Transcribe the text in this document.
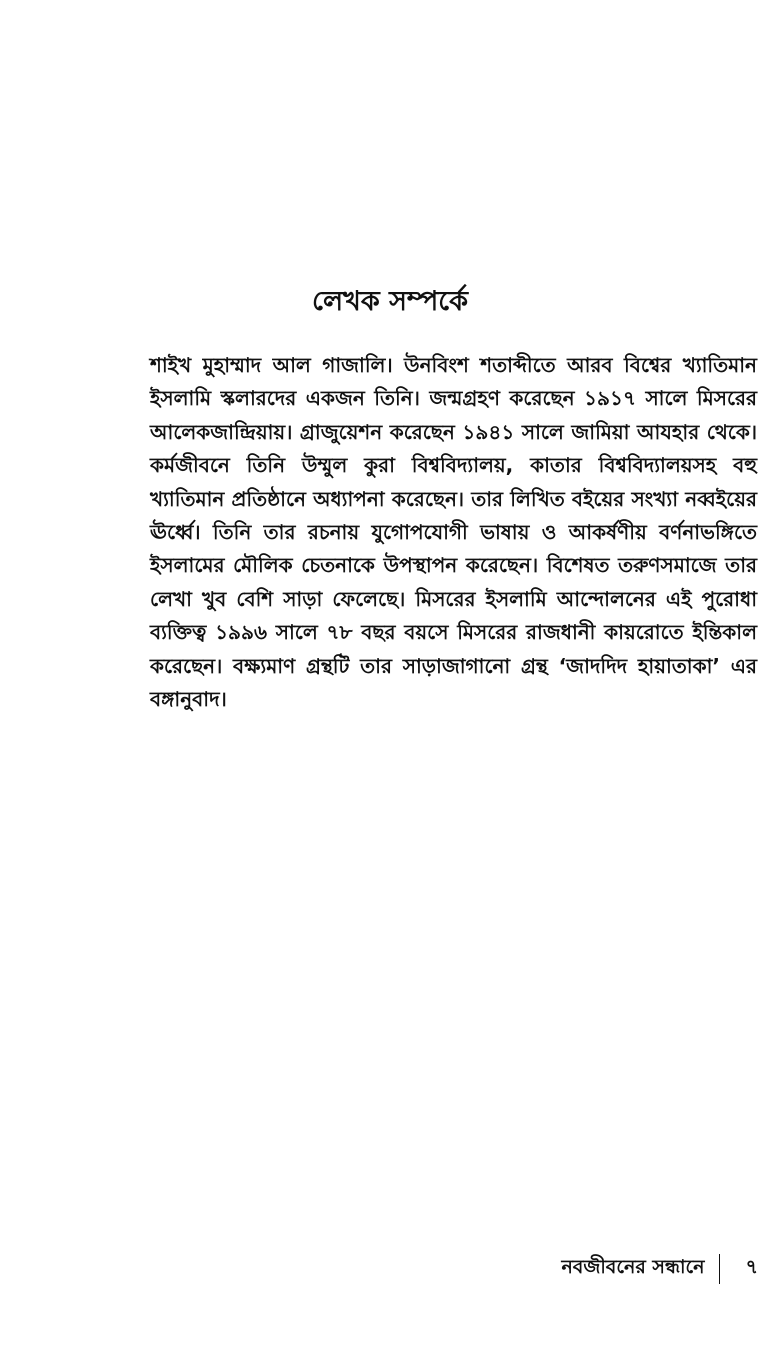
লেখক সম্পর্কে
শাইখ মুহাম্মাদ আল গাজালি। উনবিংশ শতাব্দীতে আরব বিশ্বের খ্যাতিমান ইসলামি স্কলারদের একজন তিনি। জন্মগ্রহণ করেছেন ১৯১৭ সালে মিসরের আলেকজান্দ্রিয়ায়। গ্রাজুয়েশন করেছেন ১৯৪১ সালে জামিয়া আযহার থেকে। কর্মজীবনে তিনি উম্মুল কুরা বিশ্ববিদ্যালয়, কাতার বিশ্ববিদ্যালয়সহ বহু খ্যাতিমান প্রতিষ্ঠানে অধ্যাপনা করেছেন। তার লিখিত বইয়ের সংখ্যা নব্বইয়ের ঊর্ধ্বে। তিনি তার রচনায় যুগোপযোগী ভাষায় ও আকর্ষণীয় বর্ণনাভঙ্গিতে ইসলামের মৌলিক চেতনাকে উপস্থাপন করেছেন। বিশেষত তরুণসমাজে তার লেখা খুব বেশি সাড়া ফেলেছে। মিসরের ইসলামি আন্দোলনের এই পুরোধা ব্যক্তিত্ব ১৯৯৬ সালে ৭৮ বছর বয়সে মিসরের রাজধানী কায়রোতে ইন্তিকাল করেছেন। বক্ষ্যমাণ গ্রন্থটি তার সাড়াজাগানো গ্রন্থ ‘জাদদিদ হায়াতাকা’ এর বঙ্গানুবাদ।
নবজীবনের সন্ধানে	৭
